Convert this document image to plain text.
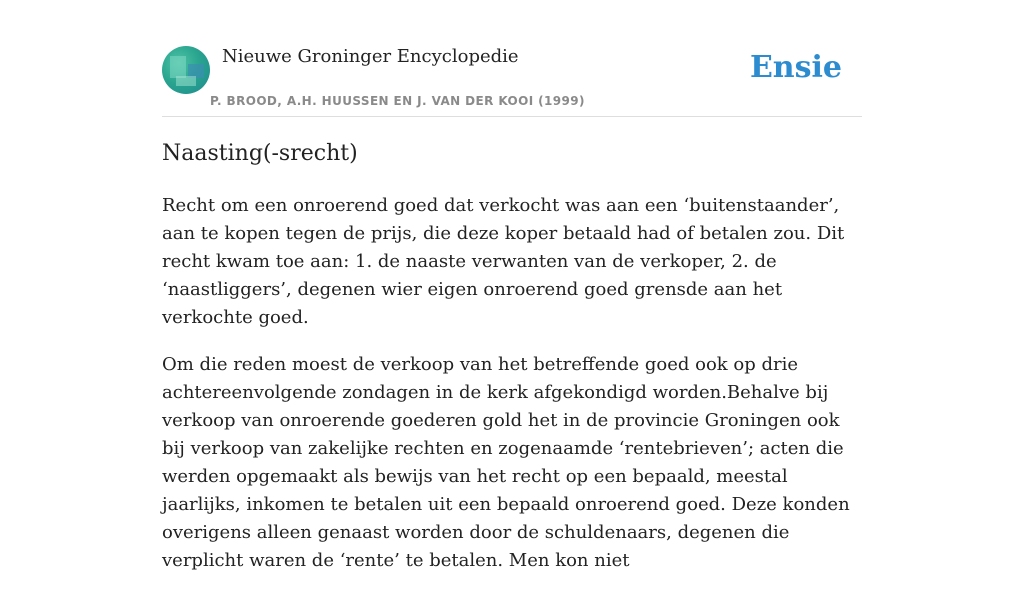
Nieuwe Groninger Encyclopedie
P. BROOD, A.H. HUUSSEN EN J. VAN DER KOOI (1999)
Ensie
Naasting(-srecht)

Recht om een onroerend goed dat verkocht was aan een ‘buitenstaander’, aan te kopen tegen de prijs, die deze koper betaald had of betalen zou. Dit recht kwam toe aan: 1. de naaste verwanten van de verkoper, 2. de ‘naastliggers’, degenen wier eigen onroerend goed grensde aan het verkochte goed.

Om die reden moest de verkoop van het betreffende goed ook op drie achtereenvolgende zondagen in de kerk afgekondigd worden.Behalve bij verkoop van onroerende goederen gold het in de provincie Groningen ook bij verkoop van zakelijke rechten en zogenaamde ‘rentebrieven’; acten die werden opgemaakt als bewijs van het recht op een bepaald, meestal jaarlijks, inkomen te betalen uit een bepaald onroerend goed. Deze konden overigens alleen genaast worden door de schuldenaars, degenen die verplicht waren de ‘rente’ te betalen. Men kon niet
